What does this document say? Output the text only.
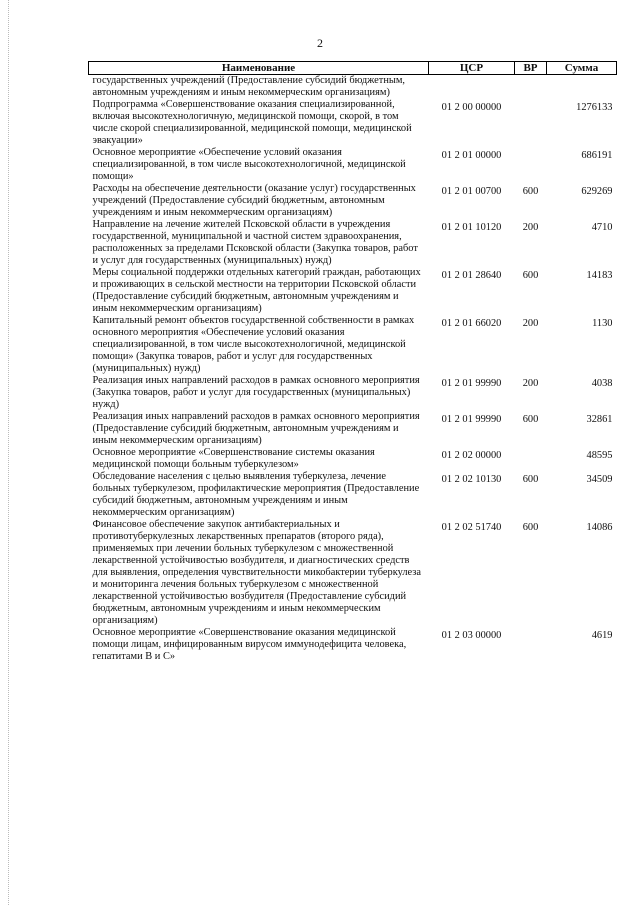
2
Наименование	ЦСР	ВР	Сумма
государственных учреждений (Предоставление субсидий бюджетным, автономным учреждениям и иным некоммерческим организациям)			
Подпрограмма «Совершенствование оказания специализированной, включая высокотехнологичную, медицинской помощи, скорой, в том числе скорой специализированной, медицинской помощи, медицинской эвакуации»	01 2 00 00000		1276133
Основное мероприятие «Обеспечение условий оказания специализированной, в том числе высокотехнологичной, медицинской помощи»	01 2 01 00000		686191
Расходы на обеспечение деятельности (оказание услуг) государственных учреждений (Предоставление субсидий бюджетным, автономным учреждениям и иным некоммерческим организациям)	01 2 01 00700	600	629269
Направление на лечение жителей Псковской области в учреждения государственной, муниципальной и частной систем здравоохранения, расположенных за пределами Псковской области (Закупка товаров, работ и услуг для государственных (муниципальных) нужд)	01 2 01 10120	200	4710
Меры социальной поддержки отдельных категорий граждан, работающих и проживающих в сельской местности на территории Псковской области (Предоставление субсидий бюджетным, автономным учреждениям и иным некоммерческим организациям)	01 2 01 28640	600	14183
Капитальный ремонт объектов государственной собственности в рамках основного мероприятия «Обеспечение условий оказания специализированной, в том числе высокотехнологичной, медицинской помощи» (Закупка товаров, работ и услуг для государственных (муниципальных) нужд)	01 2 01 66020	200	1130
Реализация иных направлений расходов в рамках основного мероприятия (Закупка товаров, работ и услуг для государственных (муниципальных) нужд)	01 2 01 99990	200	4038
Реализация иных направлений расходов в рамках основного мероприятия (Предоставление субсидий бюджетным, автономным учреждениям и иным некоммерческим организациям)	01 2 01 99990	600	32861
Основное мероприятие «Совершенствование системы оказания медицинской помощи больным туберкулезом»	01 2 02 00000		48595
Обследование населения с целью выявления туберкулеза, лечение больных туберкулезом, профилактические мероприятия (Предоставление субсидий бюджетным, автономным учреждениям и иным некоммерческим организациям)	01 2 02 10130	600	34509
Финансовое обеспечение закупок антибактериальных и противотуберкулезных лекарственных препаратов (второго ряда), применяемых при лечении больных туберкулезом с множественной лекарственной устойчивостью возбудителя, и диагностических средств для выявления, определения чувствительности микобактерии туберкулеза и мониторинга лечения больных туберкулезом с множественной лекарственной устойчивостью возбудителя (Предоставление субсидий бюджетным, автономным учреждениям и иным некоммерческим организациям)	01 2 02 51740	600	14086
Основное мероприятие «Совершенствование оказания медицинской помощи лицам, инфицированным вирусом иммунодефицита человека, гепатитами В и С»	01 2 03 00000		4619
